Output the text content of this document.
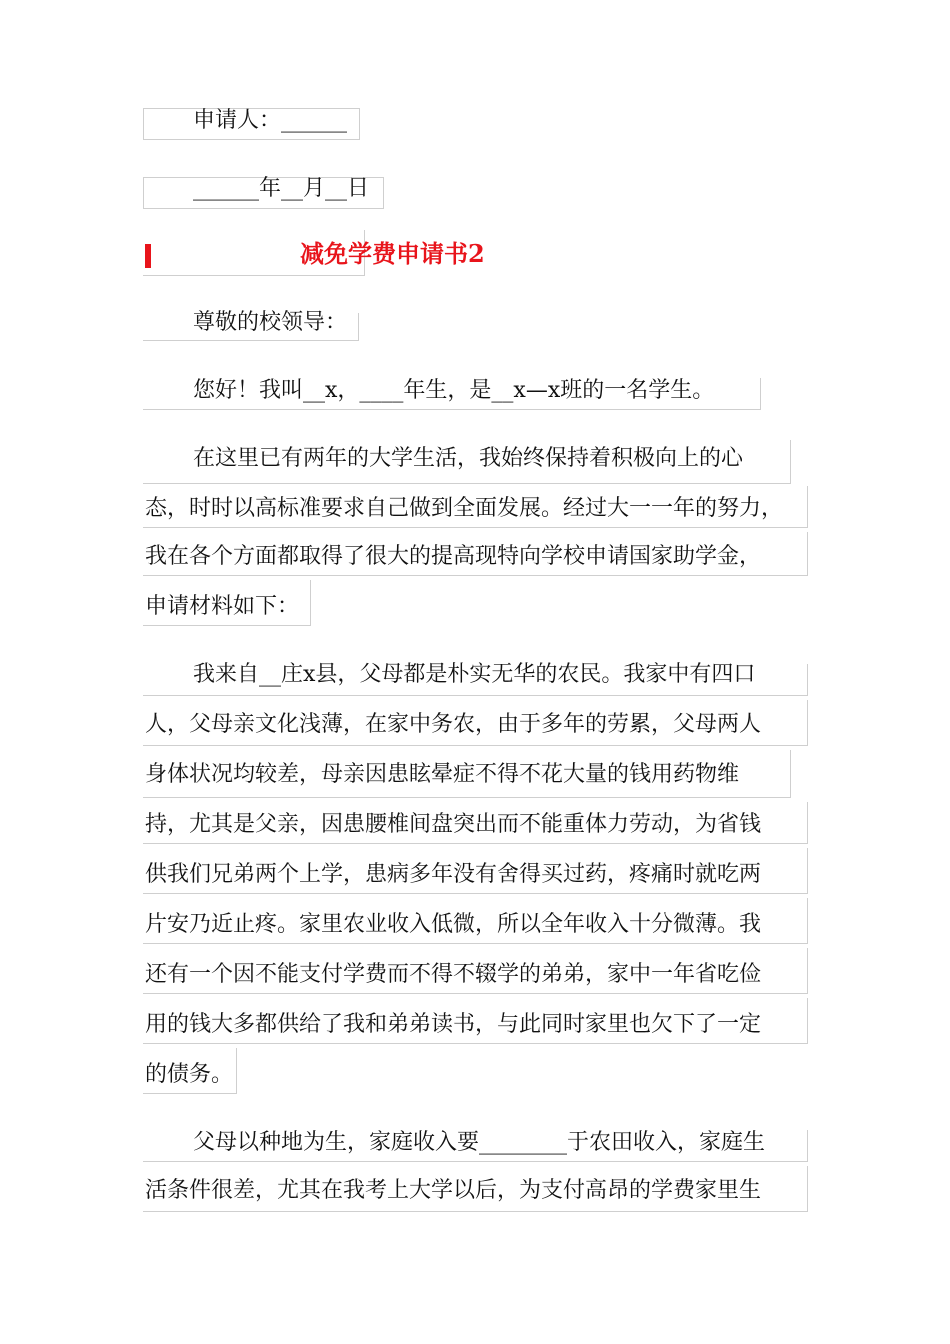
申请人：______
______年__月__日
减免学费申请书2
尊敬的校领导：
您好！我叫__x，____年生，是__x—x班的一名学生。
在这里已有两年的大学生活，我始终保持着积极向上的心
态，时时以高标准要求自己做到全面发展。经过大一一年的努力，
我在各个方面都取得了很大的提高现特向学校申请国家助学金，
申请材料如下：
我来自__庄x县，父母都是朴实无华的农民。我家中有四口
人，父母亲文化浅薄，在家中务农，由于多年的劳累，父母两人
身体状况均较差，母亲因患眩晕症不得不花大量的钱用药物维
持，尤其是父亲，因患腰椎间盘突出而不能重体力劳动，为省钱
供我们兄弟两个上学，患病多年没有舍得买过药，疼痛时就吃两
片安乃近止疼。家里农业收入低微，所以全年收入十分微薄。我
还有一个因不能支付学费而不得不辍学的弟弟，家中一年省吃俭
用的钱大多都供给了我和弟弟读书，与此同时家里也欠下了一定
的债务。
父母以种地为生，家庭收入要________于农田收入，家庭生
活条件很差，尤其在我考上大学以后，为支付高昂的学费家里生
